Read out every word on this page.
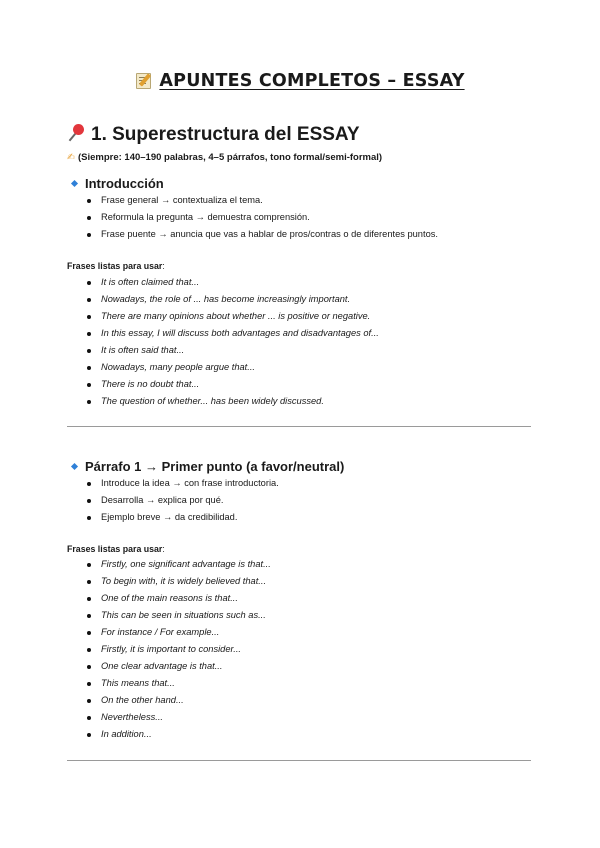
APUNTES COMPLETOS – ESSAY
1. Superestructura del ESSAY

✍ (Siempre: 140–190 palabras, 4–5 párrafos, tono formal/semi-formal)

Introducción
Frase general → contextualiza el tema.
Reformula la pregunta → demuestra comprensión.
Frase puente → anuncia que vas a hablar de pros/contras o de diferentes puntos.

Frases listas para usar:

It is often claimed that...
Nowadays, the role of ... has become increasingly important.
There are many opinions about whether ... is positive or negative.
In this essay, I will discuss both advantages and disadvantages of...
It is often said that...
Nowadays, many people argue that...
There is no doubt that...
The question of whether... has been widely discussed.
Párrafo 1 → Primer punto (a favor/neutral)
Introduce la idea → con frase introductoria.
Desarrolla → explica por qué.
Ejemplo breve → da credibilidad.

Frases listas para usar:

Firstly, one significant advantage is that...
To begin with, it is widely believed that...
One of the main reasons is that...
This can be seen in situations such as...
For instance / For example...
Firstly, it is important to consider...
One clear advantage is that...
This means that...
On the other hand...
Nevertheless...
In addition...
